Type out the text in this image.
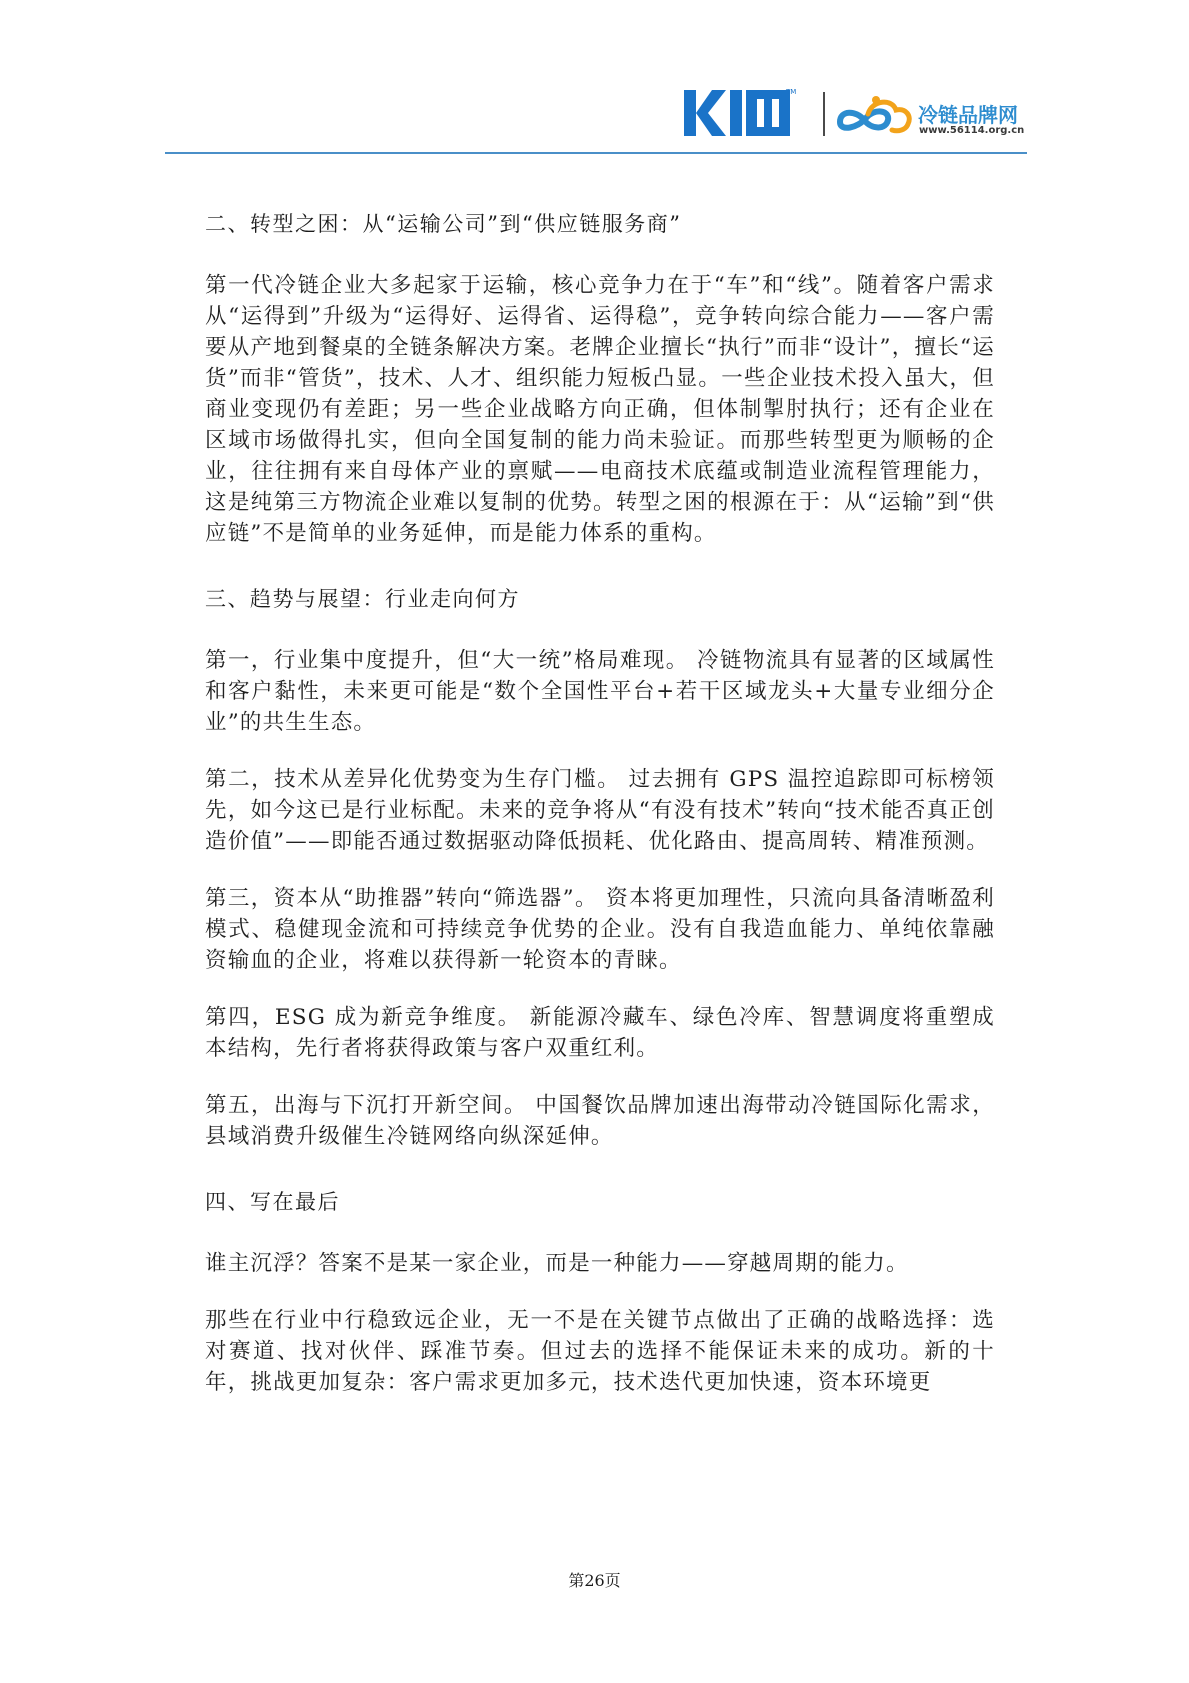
TM
冷链品牌网
www.56114.org.cn
二、转型之困：从“运输公司”到“供应链服务商”

第一代冷链企业大多起家于运输，核心竞争力在于“车”和“线”。随着客户需求从“运得到”升级为“运得好、运得省、运得稳”，竞争转向综合能力——客户需要从产地到餐桌的全链条解决方案。老牌企业擅长“执行”而非“设计”，擅长“运货”而非“管货”，技术、人才、组织能力短板凸显。一些企业技术投入虽大，但商业变现仍有差距；另一些企业战略方向正确，但体制掣肘执行；还有企业在区域市场做得扎实，但向全国复制的能力尚未验证。而那些转型更为顺畅的企业，往往拥有来自母体产业的禀赋——电商技术底蕴或制造业流程管理能力，这是纯第三方物流企业难以复制的优势。转型之困的根源在于：从“运输”到“供应链”不是简单的业务延伸，而是能力体系的重构。

三、趋势与展望：行业走向何方

第一，行业集中度提升，但“大一统”格局难现。 冷链物流具有显著的区域属性和客户黏性，未来更可能是“数个全国性平台+若干区域龙头+大量专业细分企业”的共生生态。

第二，技术从差异化优势变为生存门槛。 过去拥有 GPS 温控追踪即可标榜领先，如今这已是行业标配。未来的竞争将从“有没有技术”转向“技术能否真正创造价值”——即能否通过数据驱动降低损耗、优化路由、提高周转、精准预测。

第三，资本从“助推器”转向“筛选器”。 资本将更加理性，只流向具备清晰盈利模式、稳健现金流和可持续竞争优势的企业。没有自我造血能力、单纯依靠融资输血的企业，将难以获得新一轮资本的青睐。

第四，ESG 成为新竞争维度。 新能源冷藏车、绿色冷库、智慧调度将重塑成本结构，先行者将获得政策与客户双重红利。

第五，出海与下沉打开新空间。 中国餐饮品牌加速出海带动冷链国际化需求，县域消费升级催生冷链网络向纵深延伸。

四、写在最后

谁主沉浮？答案不是某一家企业，而是一种能力——穿越周期的能力。

那些在行业中行稳致远企业，无一不是在关键节点做出了正确的战略选择：选对赛道、找对伙伴、踩准节奏。但过去的选择不能保证未来的成功。新的十年，挑战更加复杂：客户需求更加多元，技术迭代更加快速，资本环境更

第26页
